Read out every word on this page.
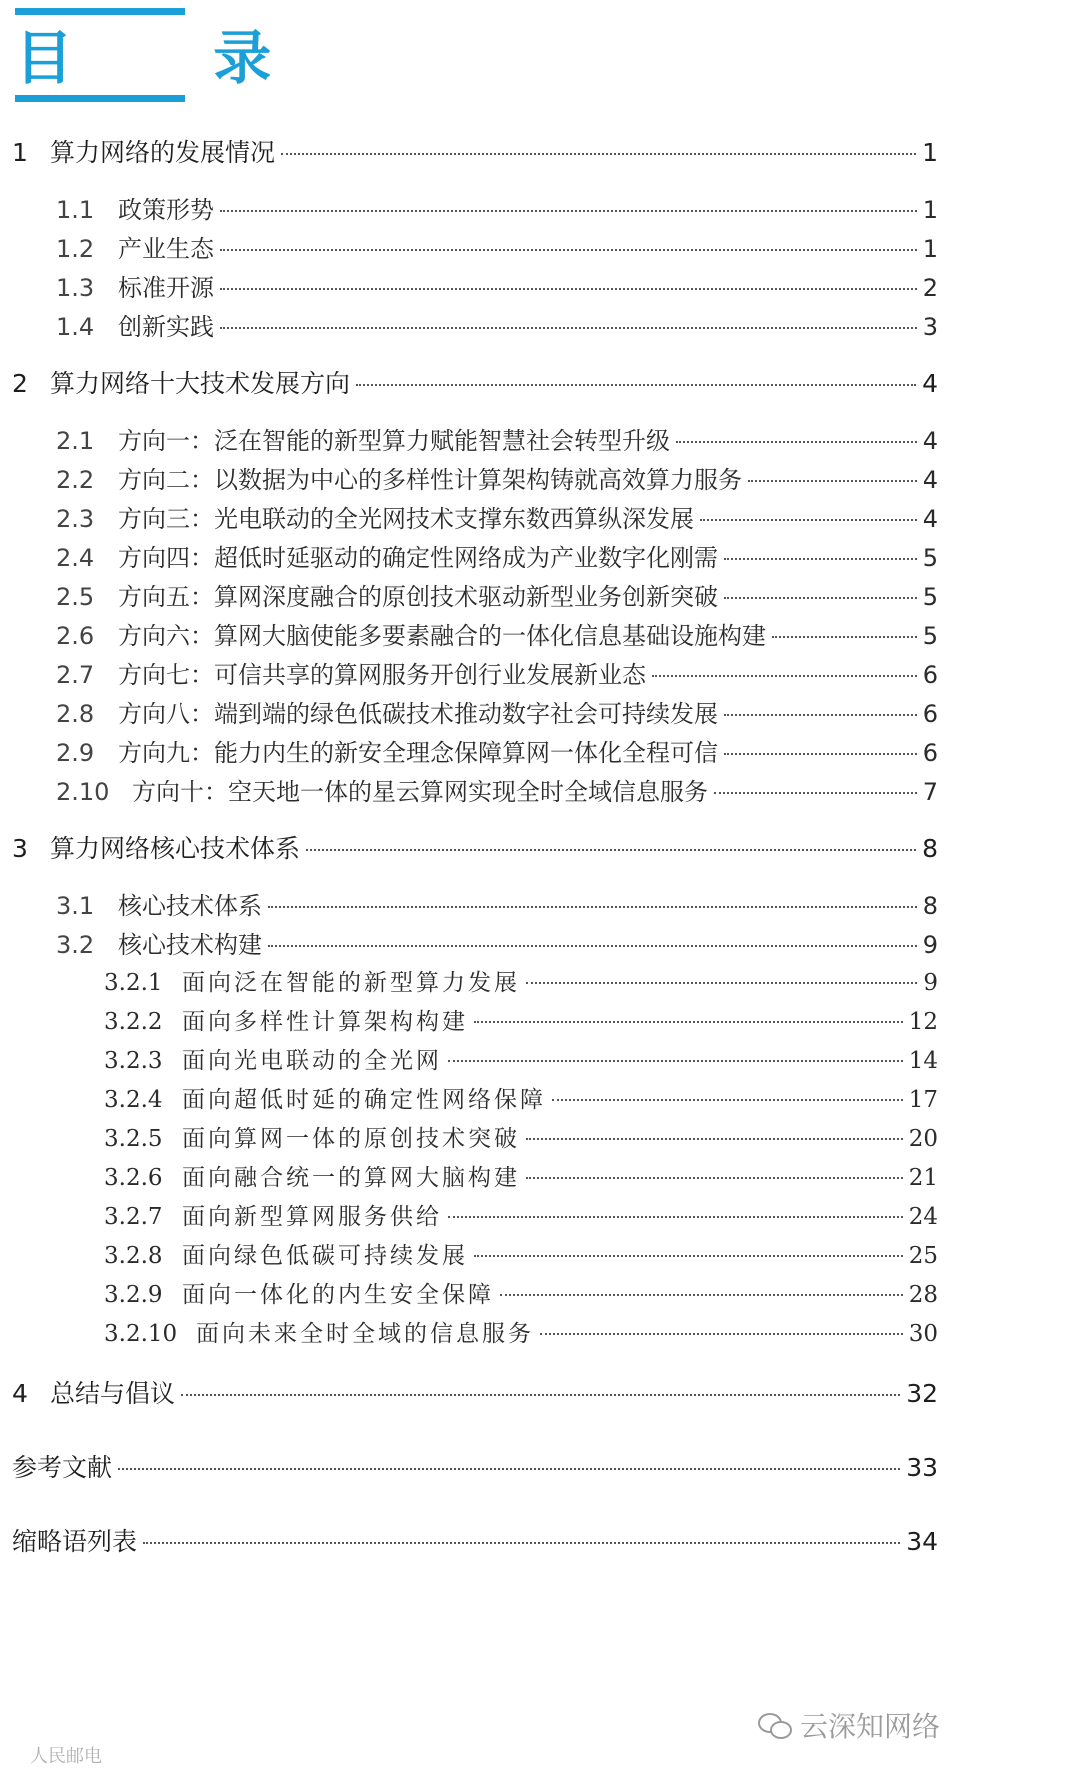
目 录
1 算力网络的发展情况	1
1.1 政策形势	1
1.2 产业生态	1
1.3 标准开源	2
1.4 创新实践	3
2 算力网络十大技术发展方向	4
2.1 方向一：泛在智能的新型算力赋能智慧社会转型升级	4
2.2 方向二：以数据为中心的多样性计算架构铸就高效算力服务	4
2.3 方向三：光电联动的全光网技术支撑东数西算纵深发展	4
2.4 方向四：超低时延驱动的确定性网络成为产业数字化刚需	5
2.5 方向五：算网深度融合的原创技术驱动新型业务创新突破	5
2.6 方向六：算网大脑使能多要素融合的一体化信息基础设施构建	5
2.7 方向七：可信共享的算网服务开创行业发展新业态	6
2.8 方向八：端到端的绿色低碳技术推动数字社会可持续发展	6
2.9 方向九：能力内生的新安全理念保障算网一体化全程可信	6
2.10 方向十：空天地一体的星云算网实现全时全域信息服务	7
3 算力网络核心技术体系	8
3.1 核心技术体系	8
3.2 核心技术构建	9
3.2.1 面向泛在智能的新型算力发展	9
3.2.2 面向多样性计算架构构建	12
3.2.3 面向光电联动的全光网	14
3.2.4 面向超低时延的确定性网络保障	17
3.2.5 面向算网一体的原创技术突破	20
3.2.6 面向融合统一的算网大脑构建	21
3.2.7 面向新型算网服务供给	24
3.2.8 面向绿色低碳可持续发展	25
3.2.9 面向一体化的内生安全保障	28
3.2.10 面向未来全时全域的信息服务	30
4 总结与倡议	32
参考文献	33
缩略语列表	34
云深知网络
人民邮电
